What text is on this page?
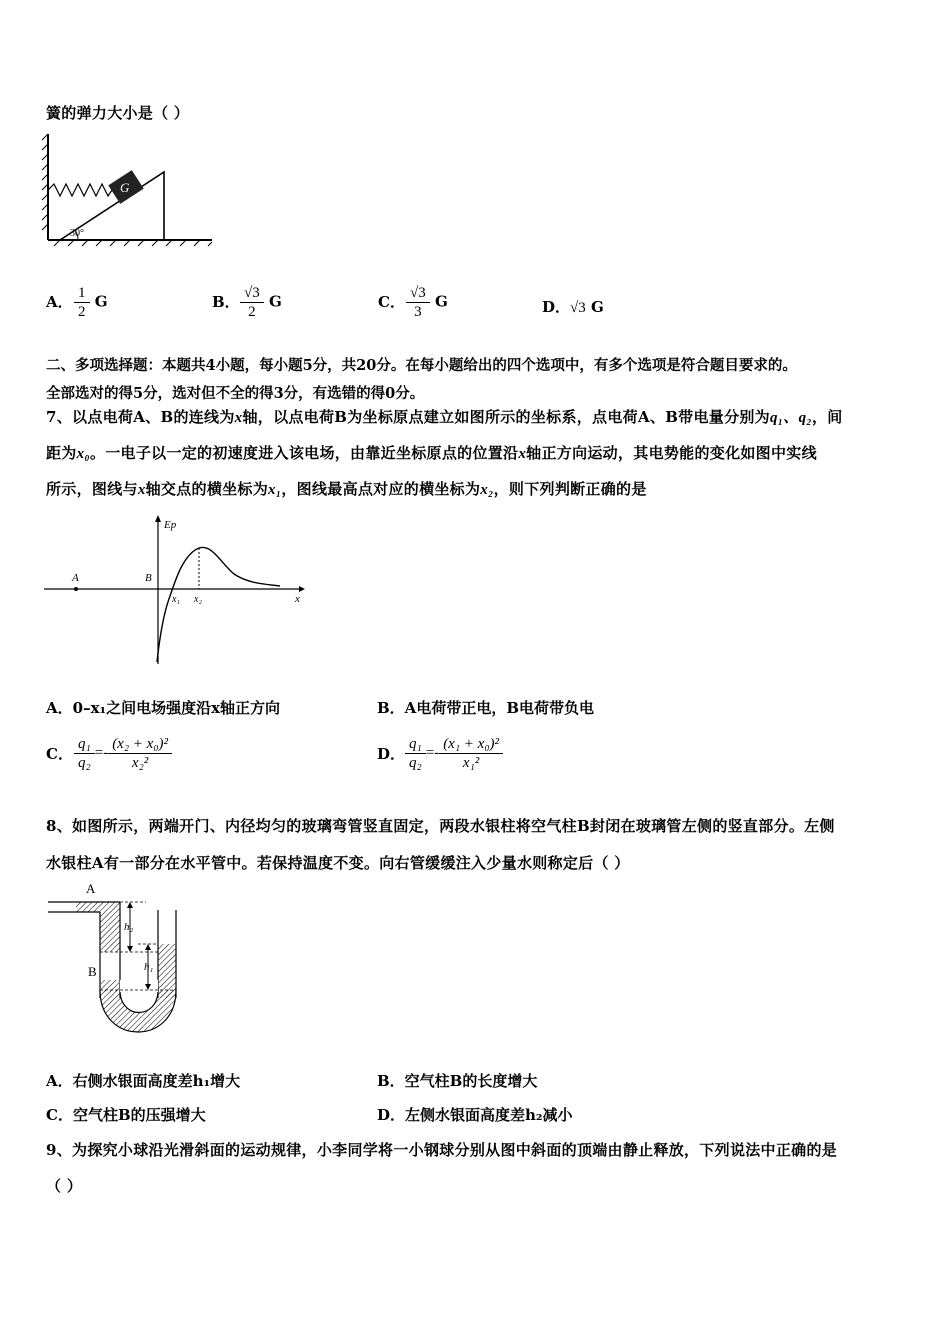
簧的弹力大小是（ ）
G
30°
A． $\frac{1}{2}$ G	B． $\frac{√3}{2}$ G	C． $\frac{√3}{3}$ G	D．√3 G
二、多项选择题：本题共4小题，每小题5分，共20分。在每小题给出的四个选项中，有多个选项是符合题目要求的。
全部选对的得5分，选对但不全的得3分，有选错的得0分。
7、以点电荷A、B的连线为x轴，以点电荷B为坐标原点建立如图所示的坐标系，点电荷A、B带电量分别为q₁、q₂，间
距为x₀。一电子以一定的初速度进入该电场，由靠近坐标原点的位置沿x轴正方向运动，其电势能的变化如图中实线
所示，图线与x轴交点的横坐标为x₁，图线最高点对应的横坐标为x₂，则下列判断正确的是
A	B
Ep
x
x₁ x₂
A．0–x₁之间电场强度沿x轴正方向	B．A电荷带正电，B电荷带负电
C． $\frac{\text{q₁}}{\text{q₂}} =- \frac{\text{(x₂ + x₀)²}}{\text{x₂²}}$	D． $\frac{\text{q₁}}{\text{q₂}} =- \frac{\text{(x₁ + x₀)²}}{\text{x₁²}}$
8、如图所示，两端开门、内径均匀的玻璃弯管竖直固定，两段水银柱将空气柱B封闭在玻璃管左侧的竖直部分。左侧
水银柱A有一部分在水平管中。若保持温度不变。向右管缓缓注入少量水则称定后（ ）
A
B
h₂
h₁
A．右侧水银面高度差h₁增大	B．空气柱B的长度增大
C．空气柱B的压强增大	D．左侧水银面高度差h₂减小
9、为探究小球沿光滑斜面的运动规律，小李同学将一小钢球分别从图中斜面的顶端由静止释放，下列说法中正确的是
（ ）
